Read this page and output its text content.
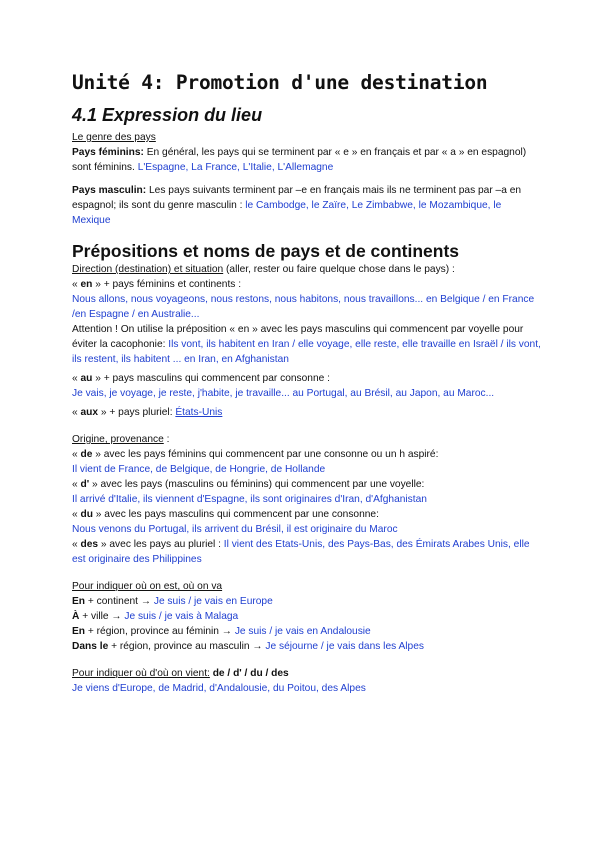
Unité 4: Promotion d'une destination
4.1 Expression du lieu

Le genre des pays

Pays féminins: En général, les pays qui se terminent par « e » en français et par « a » en espagnol) sont féminins. L'Espagne, La France, L'Italie, L'Allemagne

Pays masculin: Les pays suivants terminent par –e en français mais ils ne terminent pas par –a en espagnol; ils sont du genre masculin : le Cambodge, le Zaïre, Le Zimbabwe, le Mozambique, le Mexique

Prépositions et noms de pays et de continents

Direction (destination) et situation (aller, rester ou faire quelque chose dans le pays) :

« en » + pays féminins et continents :

Nous allons, nous voyageons, nous restons, nous habitons, nous travaillons... en Belgique / en France /en Espagne / en Australie...

Attention ! On utilise la préposition « en » avec les pays masculins qui commencent par voyelle pour éviter la cacophonie: Ils vont, ils habitent en Iran / elle voyage, elle reste, elle travaille en Israël / ils vont, ils restent, ils habitent ... en Iran, en Afghanistan

« au » + pays masculins qui commencent par consonne :

Je vais, je voyage, je reste, j'habite, je travaille... au Portugal, au Brésil, au Japon, au Maroc...

« aux » + pays pluriel: États-Unis

Origine, provenance :

« de » avec les pays féminins qui commencent par une consonne ou un h aspiré:

Il vient de France, de Belgique, de Hongrie, de Hollande

« d' » avec les pays (masculins ou féminins) qui commencent par une voyelle:

Il arrivé d'Italie, ils viennent d'Espagne, ils sont originaires d'Iran, d'Afghanistan

« du » avec les pays masculins qui commencent par une consonne:

Nous venons du Portugal, ils arrivent du Brésil, il est originaire du Maroc

« des » avec les pays au pluriel : Il vient des Etats-Unis, des Pays-Bas, des Émirats Arabes Unis, elle est originaire des Philippines

Pour indiquer où on est, où on va

En + continent → Je suis / je vais en Europe

À + ville → Je suis / je vais à Malaga

En + région, province au féminin → Je suis / je vais en Andalousie

Dans le + région, province au masculin → Je séjourne / je vais dans les Alpes

Pour indiquer où d'où on vient: de / d' / du / des

Je viens d'Europe, de Madrid, d'Andalousie, du Poitou, des Alpes
